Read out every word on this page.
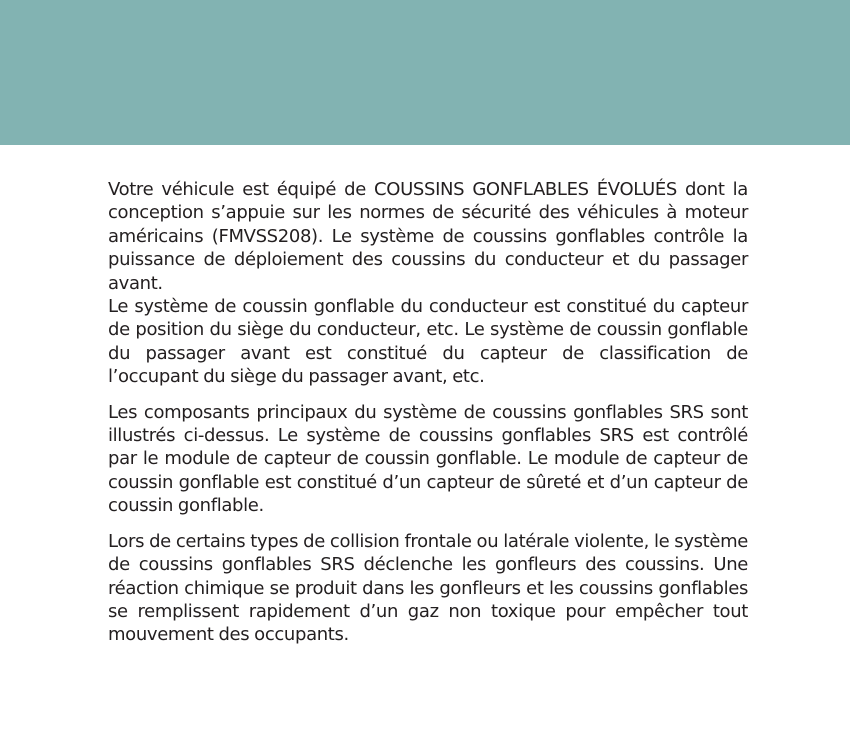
Votre véhicule est équipé de COUSSINS GONFLABLES ÉVOLUÉS dont la conception s’appuie sur les normes de sécurité des véhicules à moteur américains (FMVSS208). Le système de coussins gonflables contrôle la puissance de déploiement des coussins du conducteur et du passager avant.

Le système de coussin gonflable du conducteur est constitué du capteur de position du siège du conducteur, etc. Le système de coussin gonflable du passager avant est constitué du capteur de classification de l’occupant du siège du passager avant, etc.

Les composants principaux du système de coussins gonflables SRS sont illustrés ci-dessus. Le système de coussins gonflables SRS est contrôlé par le module de capteur de coussin gonflable. Le module de capteur de coussin gonflable est constitué d’un capteur de sûreté et d’un capteur de coussin gonflable.

Lors de certains types de collision frontale ou latérale violente, le système de coussins gonflables SRS déclenche les gonfleurs des coussins. Une réaction chimique se produit dans les gonfleurs et les coussins gonflables se remplissent rapidement d’un gaz non toxique pour empêcher tout mouvement des occupants.
